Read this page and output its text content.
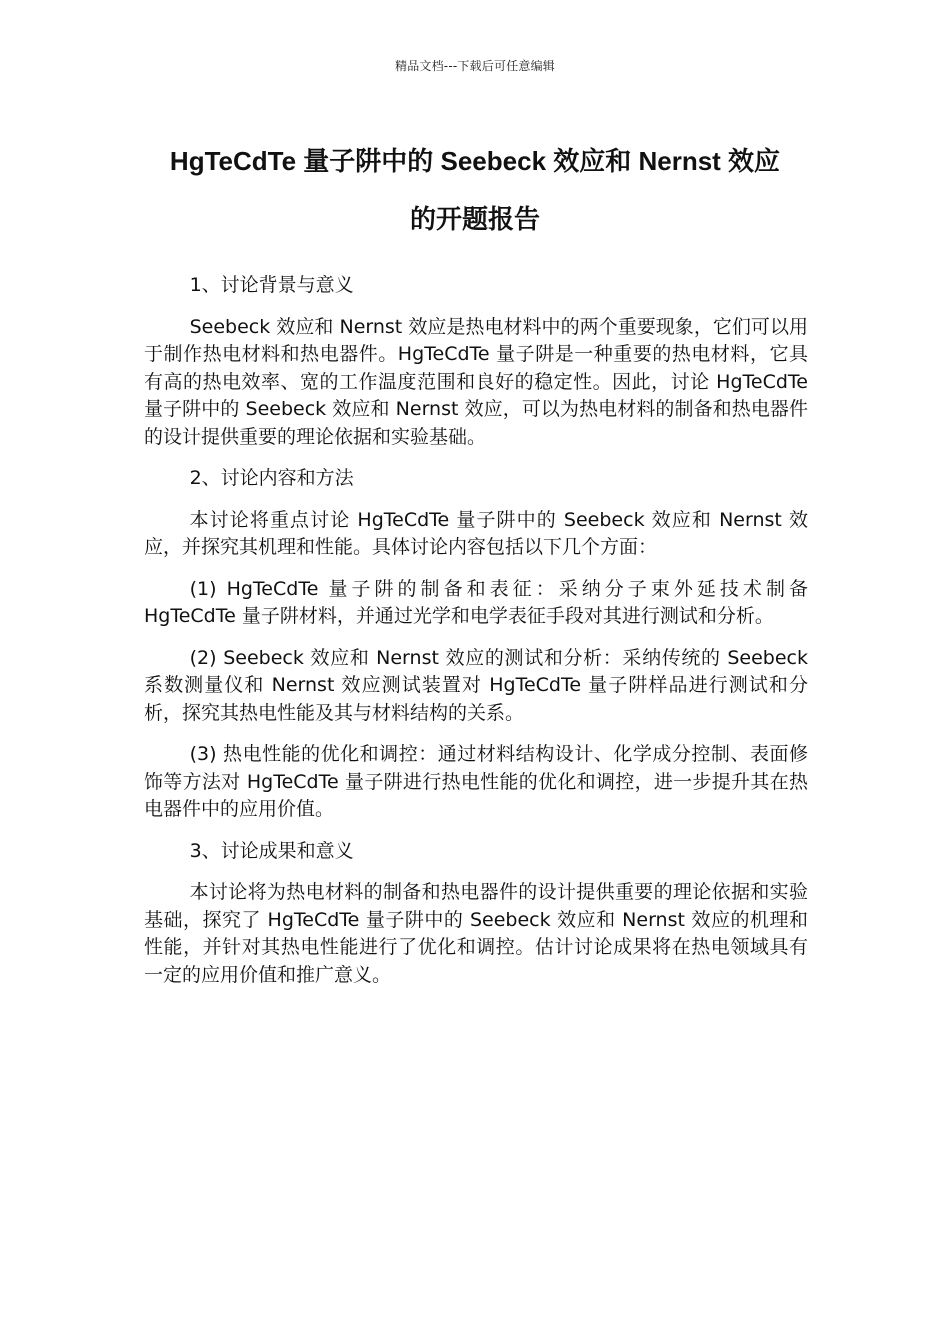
精品文档---下载后可任意编辑
HgTeCdTe 量子阱中的 Seebeck 效应和 Nernst 效应
的开题报告

1、讨论背景与意义

Seebeck 效应和 Nernst 效应是热电材料中的两个重要现象，它们可以用于制作热电材料和热电器件。HgTeCdTe 量子阱是一种重要的热电材料，它具有高的热电效率、宽的工作温度范围和良好的稳定性。因此，讨论 HgTeCdTe 量子阱中的 Seebeck 效应和 Nernst 效应，可以为热电材料的制备和热电器件的设计提供重要的理论依据和实验基础。

2、讨论内容和方法

本讨论将重点讨论 HgTeCdTe 量子阱中的 Seebeck 效应和 Nernst 效应，并探究其机理和性能。具体讨论内容包括以下几个方面：

(1) HgTeCdTe 量子阱的制备和表征：采纳分子束外延技术制备 HgTeCdTe 量子阱材料，并通过光学和电学表征手段对其进行测试和分析。

(2) Seebeck 效应和 Nernst 效应的测试和分析：采纳传统的 Seebeck 系数测量仪和 Nernst 效应测试装置对 HgTeCdTe 量子阱样品进行测试和分析，探究其热电性能及其与材料结构的关系。

(3) 热电性能的优化和调控：通过材料结构设计、化学成分控制、表面修饰等方法对 HgTeCdTe 量子阱进行热电性能的优化和调控，进一步提升其在热电器件中的应用价值。

3、讨论成果和意义

本讨论将为热电材料的制备和热电器件的设计提供重要的理论依据和实验基础，探究了 HgTeCdTe 量子阱中的 Seebeck 效应和 Nernst 效应的机理和性能，并针对其热电性能进行了优化和调控。估计讨论成果将在热电领域具有一定的应用价值和推广意义。
